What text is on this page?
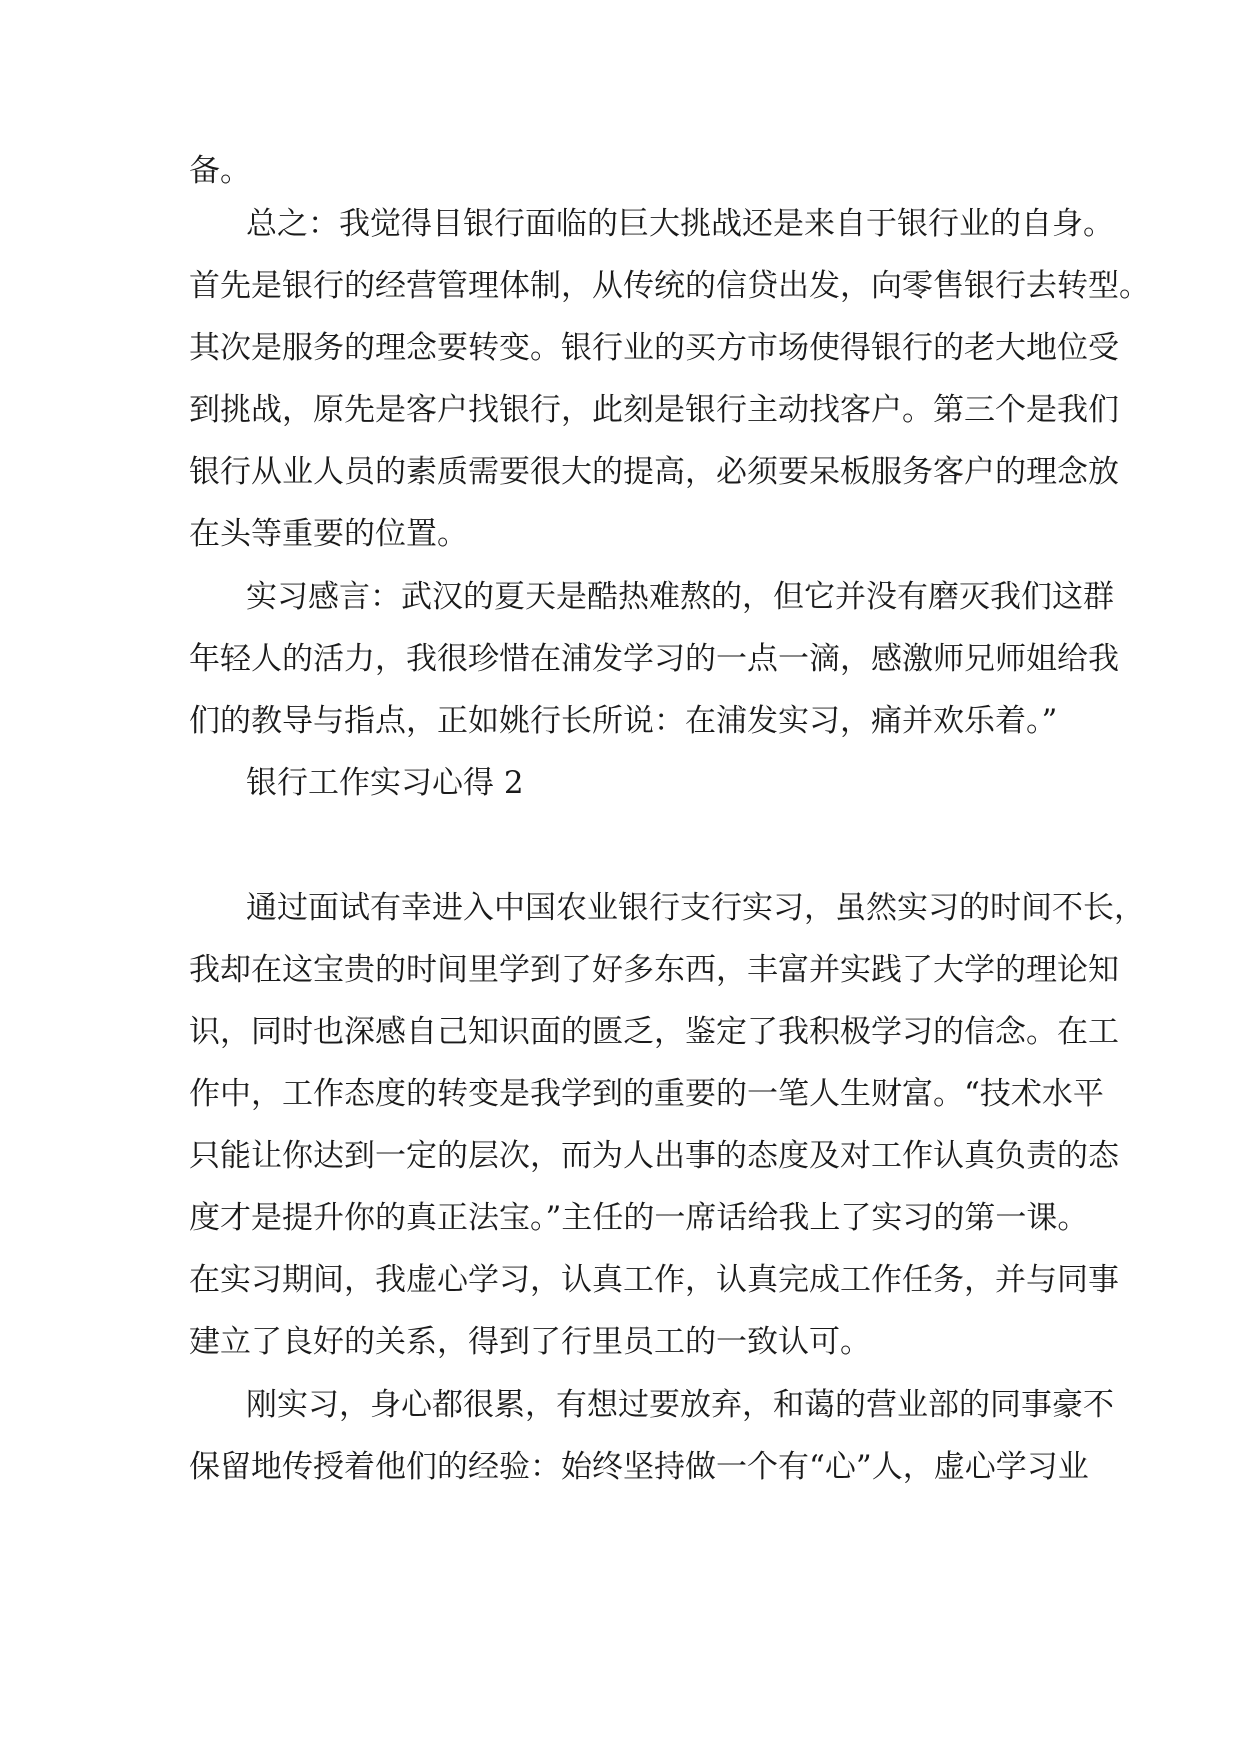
备。
总之：我觉得目银行面临的巨大挑战还是来自于银行业的自身。
首先是银行的经营管理体制，从传统的信贷出发，向零售银行去转型。
其次是服务的理念要转变。银行业的买方市场使得银行的老大地位受
到挑战，原先是客户找银行，此刻是银行主动找客户。第三个是我们
银行从业人员的素质需要很大的提高，必须要呆板服务客户的理念放
在头等重要的位置。
实习感言：武汉的夏天是酷热难熬的，但它并没有磨灭我们这群
年轻人的活力，我很珍惜在浦发学习的一点一滴，感激师兄师姐给我
们的教导与指点，正如姚行长所说：在浦发实习，痛并欢乐着。”
银行工作实习心得 2
通过面试有幸进入中国农业银行支行实习，虽然实习的时间不长，
我却在这宝贵的时间里学到了好多东西，丰富并实践了大学的理论知
识，同时也深感自己知识面的匮乏，鉴定了我积极学习的信念。在工
作中，工作态度的转变是我学到的重要的一笔人生财富。“技术水平
只能让你达到一定的层次，而为人出事的态度及对工作认真负责的态
度才是提升你的真正法宝。”主任的一席话给我上了实习的第一课。
在实习期间，我虚心学习，认真工作，认真完成工作任务，并与同事
建立了良好的关系，得到了行里员工的一致认可。
刚实习，身心都很累，有想过要放弃，和蔼的营业部的同事豪不
保留地传授着他们的经验：始终坚持做一个有“心”人，虚心学习业
